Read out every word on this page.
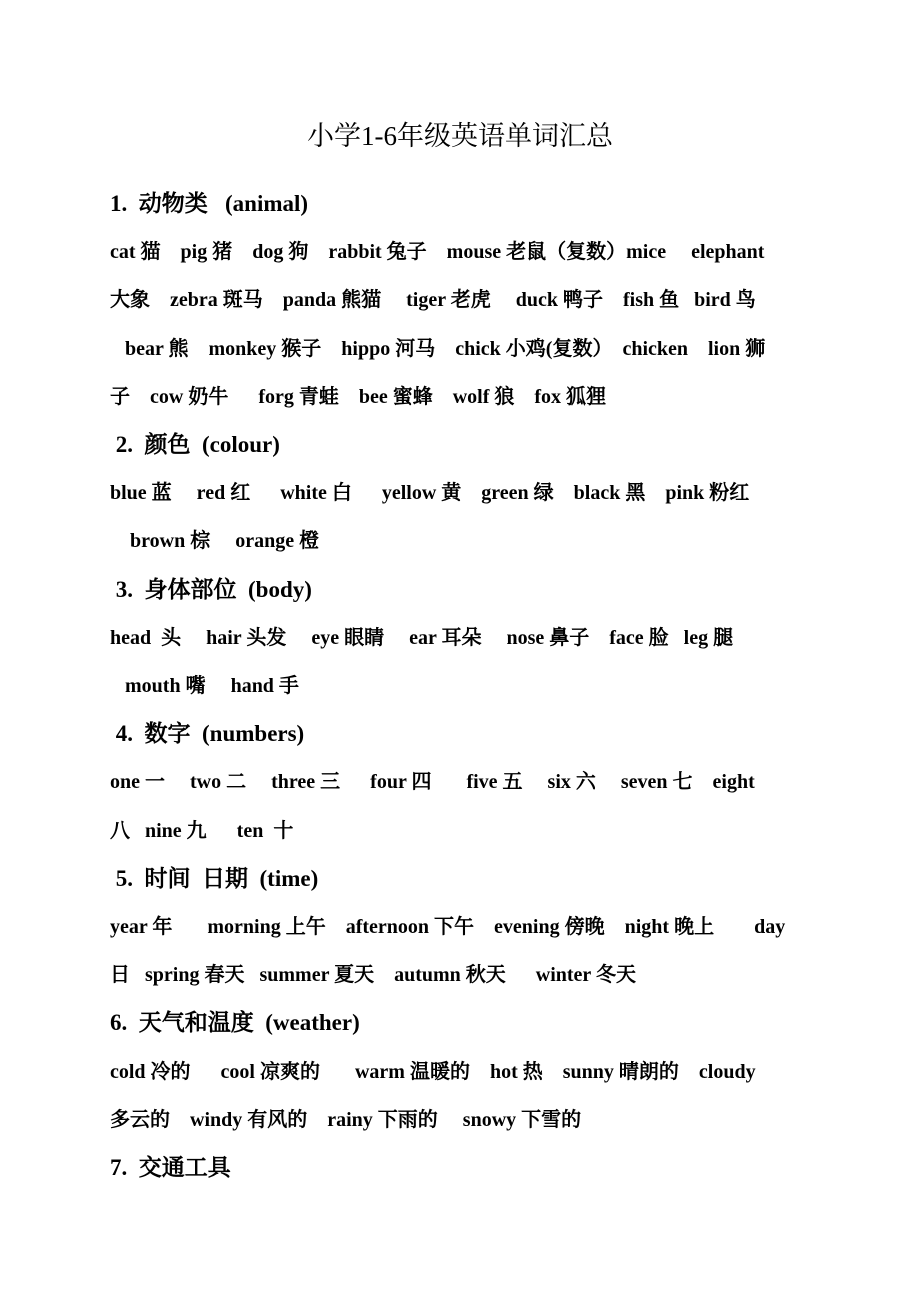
小学1-6年级英语单词汇总
1.  动物类   (animal)
cat 猫    pig 猪    dog 狗    rabbit 兔子    mouse 老鼠（复数）mice     elephant
大象    zebra 斑马    panda 熊猫     tiger 老虎     duck 鸭子    fish 鱼   bird 鸟
bear 熊    monkey 猴子    hippo 河马    chick 小鸡(复数）  chicken    lion 狮
子    cow 奶牛      forg 青蛙    bee 蜜蜂    wolf 狼    fox 狐狸
2.  颜色  (colour)
blue 蓝     red 红      white 白      yellow 黄    green 绿    black 黑    pink 粉红
brown 棕     orange 橙
3.  身体部位  (body)
head  头     hair 头发     eye 眼睛     ear 耳朵     nose 鼻子    face 脸   leg 腿
mouth 嘴     hand 手
4.  数字  (numbers)
one 一     two 二     three 三      four 四       five 五     six 六     seven 七    eight
八   nine 九      ten  十
5.  时间  日期  (time)
year 年       morning 上午    afternoon 下午    evening 傍晚    night 晚上        day
日   spring 春天   summer 夏天    autumn 秋天      winter 冬天
6.  天气和温度  (weather)
cold 冷的      cool 凉爽的       warm 温暖的    hot 热    sunny 晴朗的    cloudy
多云的    windy 有风的    rainy 下雨的     snowy 下雪的
7.  交通工具
